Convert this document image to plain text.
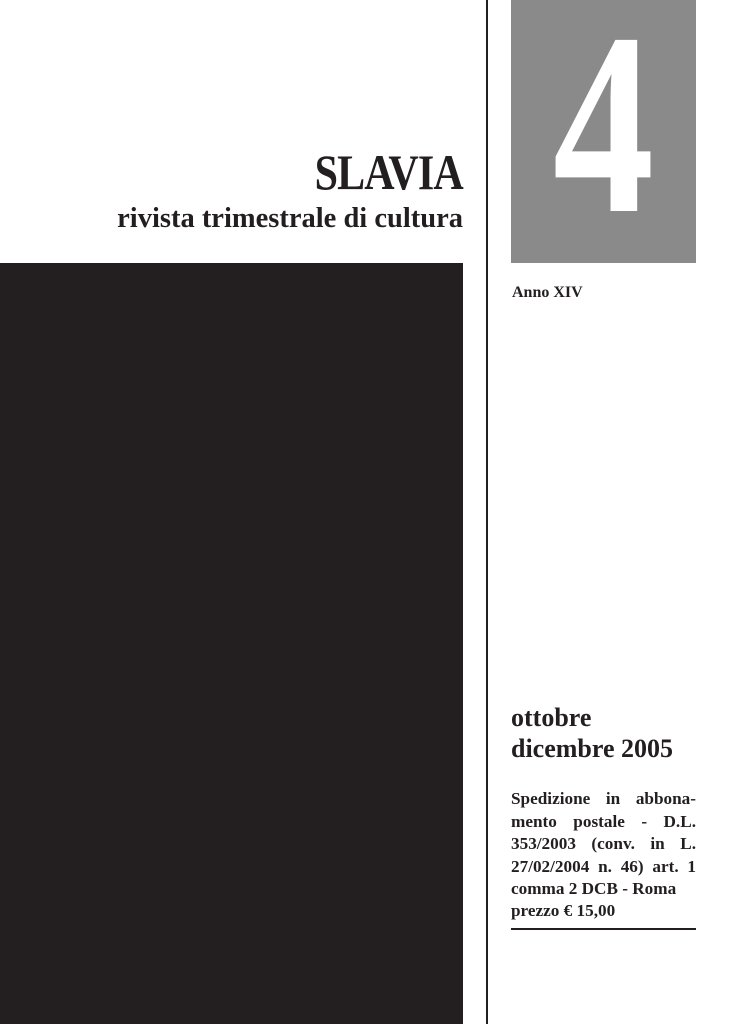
SLAVIA
rivista trimestrale di cultura 4
Anno XIV
ottobre
dicembre 2005
Spedizione in abbona-
mento postale - D.L.
353/2003 (conv. in L.
27/02/2004 n. 46) art. 1
comma 2 DCB - Roma
prezzo € 15,00
